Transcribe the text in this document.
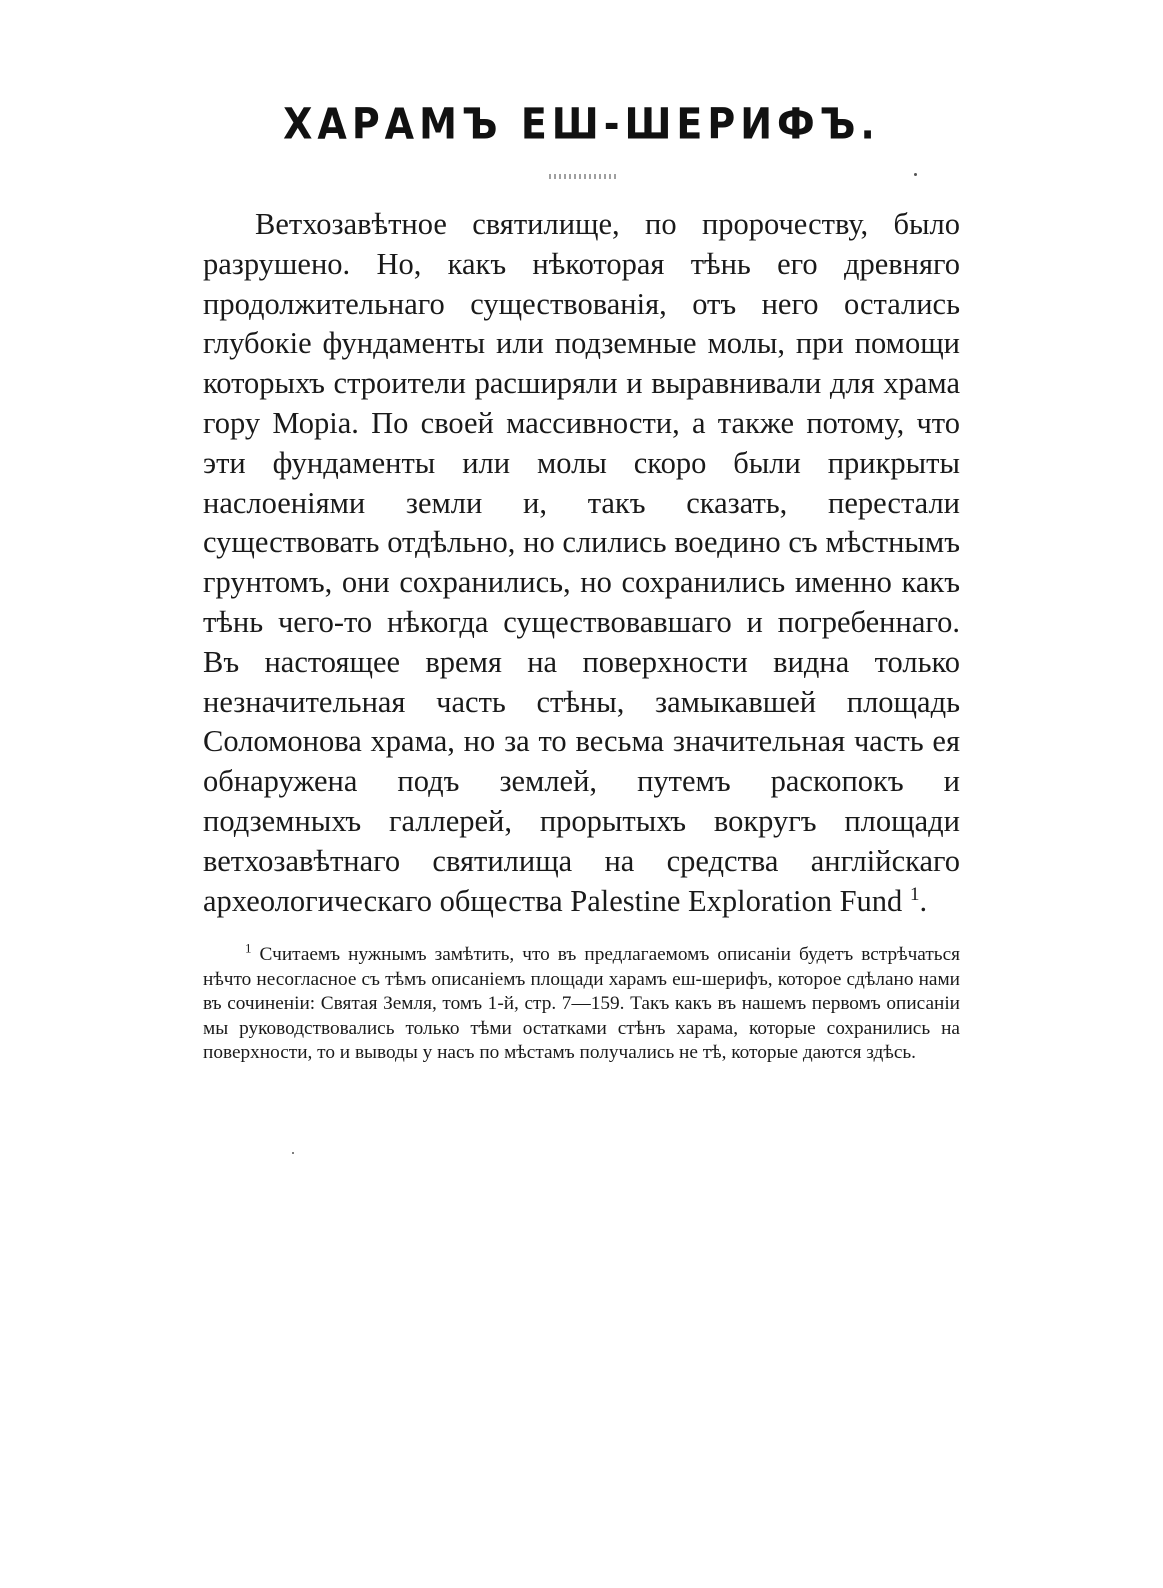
ХАРАМЪ ЕШ-ШЕРИФЪ.

Ветхозавѣтное святилище, по пророчеству, было разрушено. Но, какъ нѣкоторая тѣнь его древняго продолжительнаго существованія, отъ него остались глубокіе фундаменты или подземные молы, при помощи которыхъ строители расширяли и выравнивали для храма гору Морiа. По своей массивности, а также потому, что эти фундаменты или молы скоро были прикрыты наслоеніями земли и, такъ сказать, перестали существовать отдѣльно, но слились воедино съ мѣстнымъ грунтомъ, они сохранились, но сохранились именно какъ тѣнь чего-то нѣкогда существовавшаго и погребеннаго. Въ настоящее время на поверхности видна только незначительная часть стѣны, замыкавшей площадь Соломонова храма, но за то весьма значительная часть ея обнаружена подъ землей, путемъ раскопокъ и подземныхъ галлерей, прорытыхъ вокругъ площади ветхозавѣтнаго святилища на средства англійскаго археологическаго общества Palestine Exploration Fund $^1$.

$^1$ Считаемъ нужнымъ замѣтить, что въ предлагаемомъ описаніи будетъ встрѣчаться нѣчто несогласное съ тѣмъ описаніемъ площади харамъ еш-шерифъ, которое сдѣлано нами въ сочиненіи: Святая Земля, томъ 1-й, стр. 7—159. Такъ какъ въ нашемъ первомъ описаніи мы руководствовались только тѣми остатками стѣнъ харама, которые сохранились на поверхности, то и выводы у насъ по мѣстамъ получались не тѣ, которые даются здѣсь.
